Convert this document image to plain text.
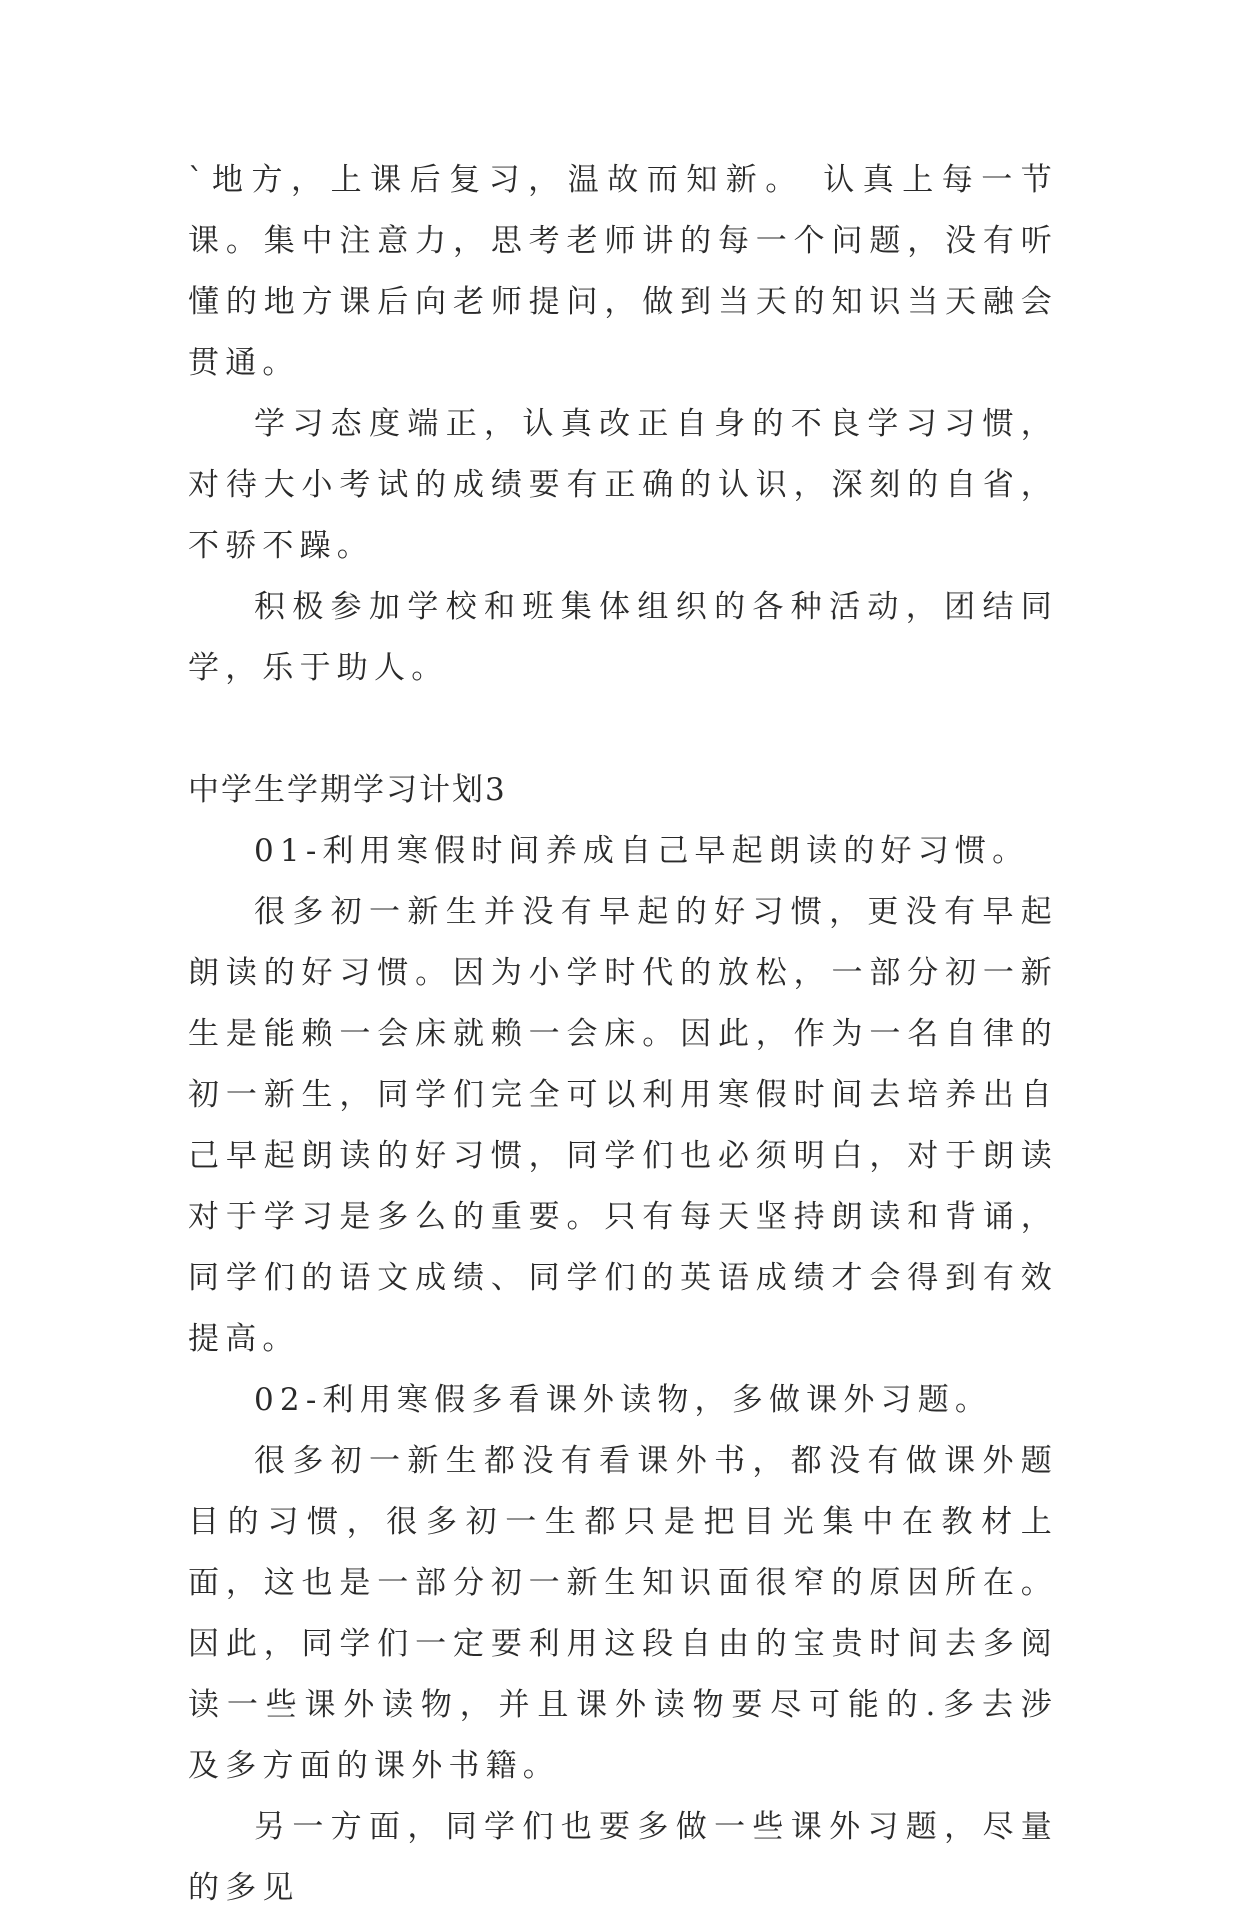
`地方，上课后复习，温故而知新。 认真上每一节课。集中注意力，思考老师讲的每一个问题，没有听懂的地方课后向老师提问，做到当天的知识当天融会贯通。

学习态度端正，认真改正自身的不良学习习惯，对待大小考试的成绩要有正确的认识，深刻的自省，不骄不躁。

积极参加学校和班集体组织的各种活动，团结同学，乐于助人。

中学生学期学习计划3

01-利用寒假时间养成自己早起朗读的好习惯。

很多初一新生并没有早起的好习惯，更没有早起朗读的好习惯。因为小学时代的放松，一部分初一新生是能赖一会床就赖一会床。因此，作为一名自律的初一新生，同学们完全可以利用寒假时间去培养出自己早起朗读的好习惯，同学们也必须明白，对于朗读对于学习是多么的重要。只有每天坚持朗读和背诵，同学们的语文成绩、同学们的英语成绩才会得到有效提高。

02-利用寒假多看课外读物，多做课外习题。

很多初一新生都没有看课外书，都没有做课外题目的习惯，很多初一生都只是把目光集中在教材上面，这也是一部分初一新生知识面很窄的原因所在。因此，同学们一定要利用这段自由的宝贵时间去多阅读一些课外读物，并且课外读物要尽可能的.多去涉及多方面的课外书籍。

另一方面，同学们也要多做一些课外习题，尽量的多见
